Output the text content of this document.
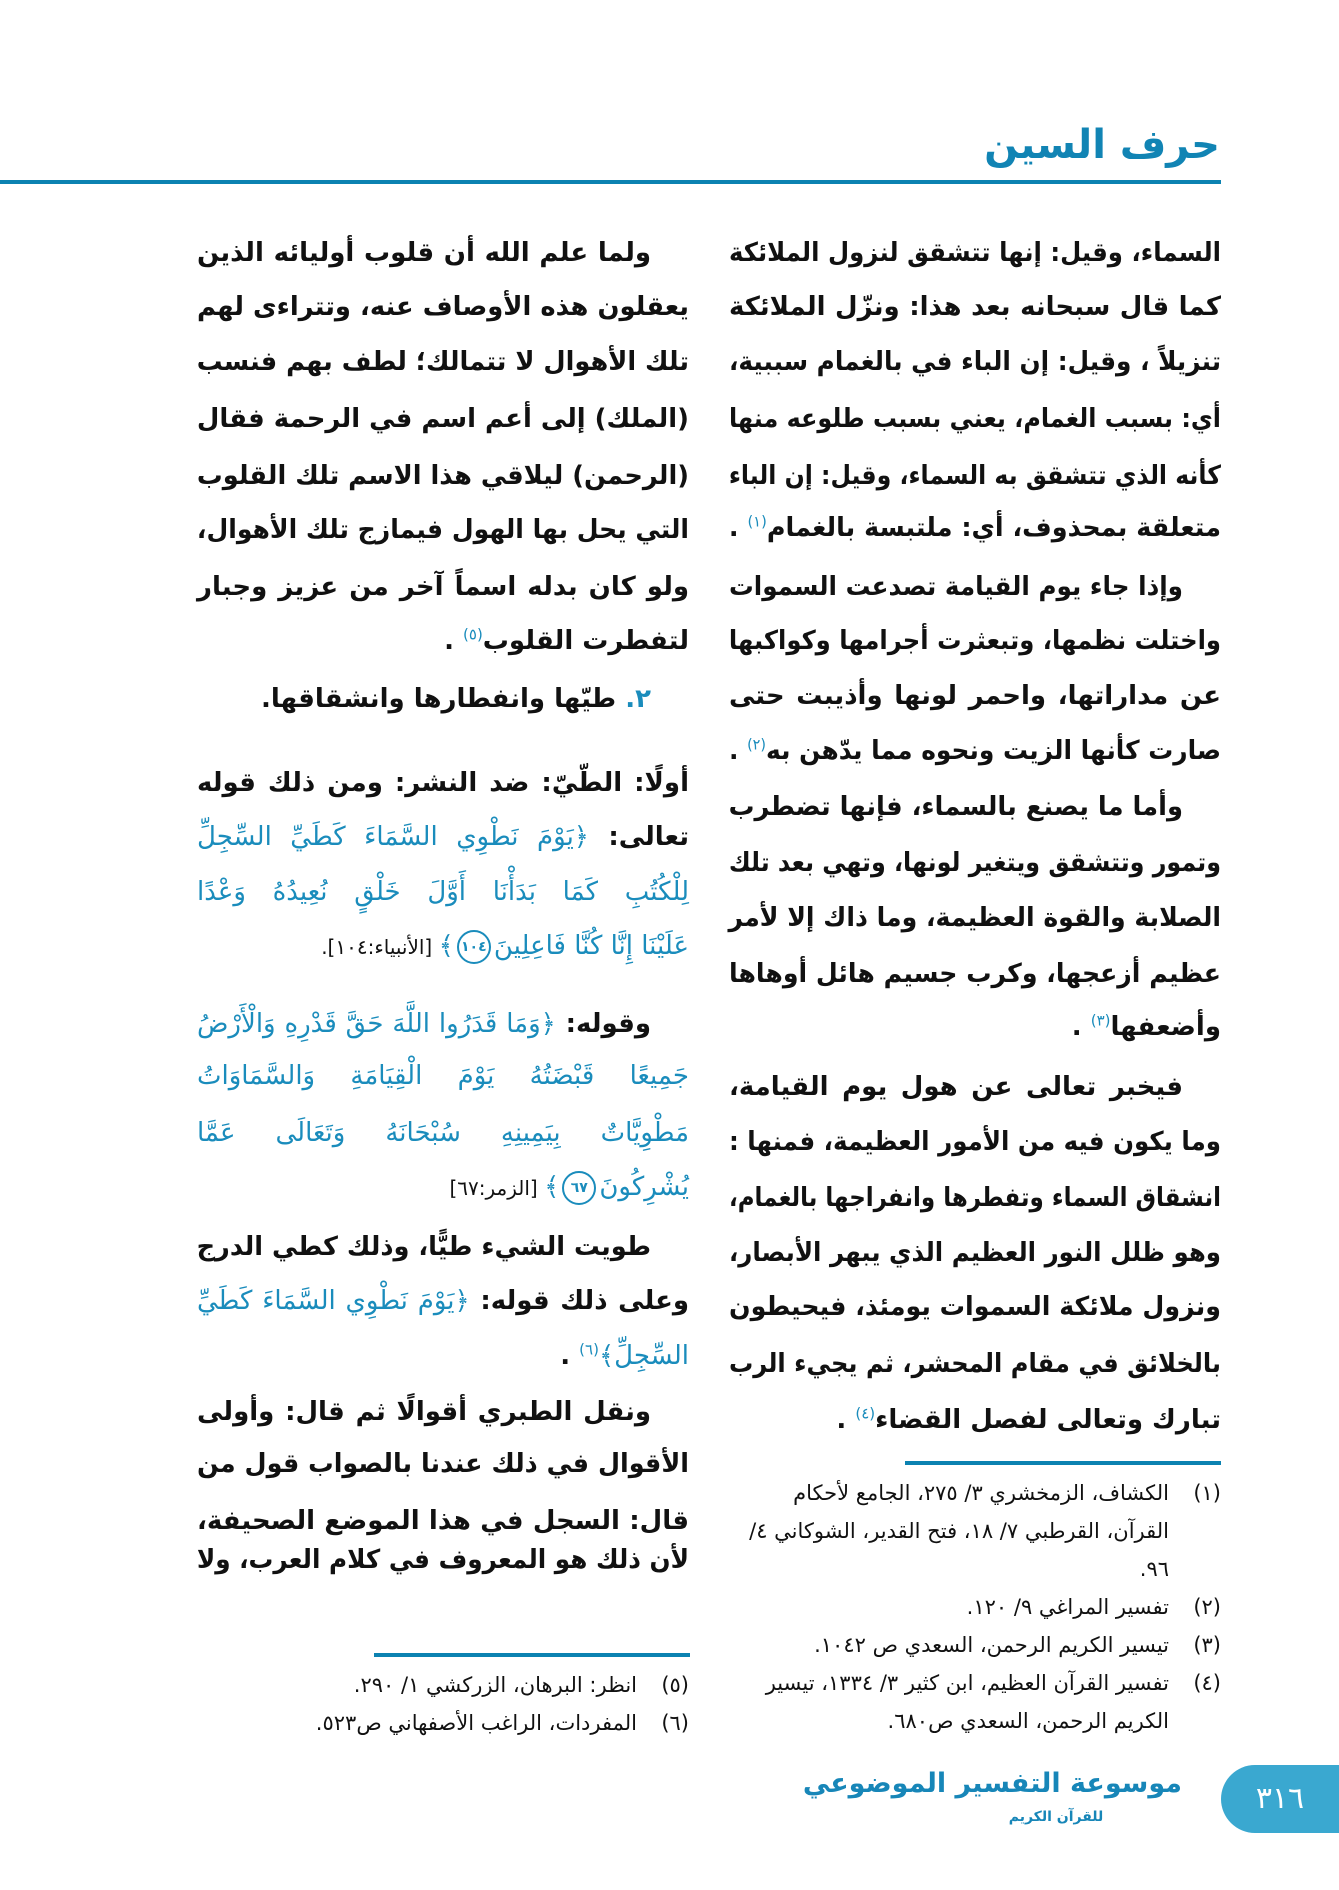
حرف السين
السماء، وقيل: إنها تتشقق لنزول الملائكة
كما قال سبحانه بعد هذا: ونزّل الملائكة
تنزيلاً ، وقيل: إن الباء في بالغمام سببية،
أي: بسبب الغمام، يعني بسبب طلوعه منها
كأنه الذي تتشقق به السماء، وقيل: إن الباء
متعلقة بمحذوف، أي: ملتبسة بالغمام$^{(١)}$ .
وإذا جاء يوم القيامة تصدعت السموات
واختلت نظمها، وتبعثرت أجرامها وكواكبها
عن مداراتها، واحمر لونها وأذيبت حتى
صارت كأنها الزيت ونحوه مما يدّهن به$^{(٢)}$ .
وأما ما يصنع بالسماء، فإنها تضطرب
وتمور وتتشقق ويتغير لونها، وتهي بعد تلك
الصلابة والقوة العظيمة، وما ذاك إلا لأمر
عظيم أزعجها، وكرب جسيم هائل أوهاها
وأضعفها$^{(٣)}$ .
فيخبر تعالى عن هول يوم القيامة،
وما يكون فيه من الأمور العظيمة، فمنها :
انشقاق السماء وتفطرها وانفراجها بالغمام،
وهو ظلل النور العظيم الذي يبهر الأبصار،
ونزول ملائكة السموات يومئذ، فيحيطون
بالخلائق في مقام المحشر، ثم يجيء الرب
تبارك وتعالى لفصل القضاء$^{(٤)}$ .
ولما علم الله أن قلوب أوليائه الذين
يعقلون هذه الأوصاف عنه، وتتراءى لهم
تلك الأهوال لا تتمالك؛ لطف بهم فنسب
(الملك) إلى أعم اسم في الرحمة فقال
(الرحمن) ليلاقي هذا الاسم تلك القلوب
التي يحل بها الهول فيمازج تلك الأهوال،
ولو كان بدله اسماً آخر من عزيز وجبار
لتفطرت القلوب$^{(٥)}$ .
٢. طيّها وانفطارها وانشقاقها.
أولًا: الطّيّ: ضد النشر: ومن ذلك قوله
تعالى: ﴿يَوْمَ نَطْوِي السَّمَاءَ كَطَيِّ السِّجِلِّ
لِلْكُتُبِ كَمَا بَدَأْنَا أَوَّلَ خَلْقٍ نُعِيدُهُ وَعْدًا
عَلَيْنَا إِنَّا كُنَّا فَاعِلِينَ١٠٤﴾ [الأنبياء:١٠٤].
وقوله: ﴿وَمَا قَدَرُوا اللَّهَ حَقَّ قَدْرِهِ وَالْأَرْضُ
جَمِيعًا قَبْضَتُهُ يَوْمَ الْقِيَامَةِ وَالسَّمَاوَاتُ
مَطْوِيَّاتٌ بِيَمِينِهِ سُبْحَانَهُ وَتَعَالَى عَمَّا
يُشْرِكُونَ٦٧﴾ [الزمر:٦٧]
طويت الشيء طيًّا، وذلك كطي الدرج
وعلى ذلك قوله: ﴿يَوْمَ نَطْوِي السَّمَاءَ كَطَيِّ
السِّجِلِّ﴾$^{(٦)}$ .
ونقل الطبري أقوالًا ثم قال: وأولى
الأقوال في ذلك عندنا بالصواب قول من
قال: السجل في هذا الموضع الصحيفة،
لأن ذلك هو المعروف في كلام العرب، ولا
(١)
الكشاف، الزمخشري ٣/ ٢٧٥، الجامع لأحكام القرآن، القرطبي ٧/ ١٨، فتح القدير، الشوكاني ٤/ ٩٦.
(٢)
تفسير المراغي ٩/ ١٢٠.
(٣)
تيسير الكريم الرحمن، السعدي ص ١٠٤٢.
(٤)
تفسير القرآن العظيم، ابن كثير ٣/ ١٣٣٤، تيسير الكريم الرحمن، السعدي ص٦٨٠.
(٥)
انظر: البرهان، الزركشي ١/ ٢٩٠.
(٦)
المفردات، الراغب الأصفهاني ص٥٢٣.
موسوعة التفسير الموضوعي
للقرآن الكريم
٣١٦
